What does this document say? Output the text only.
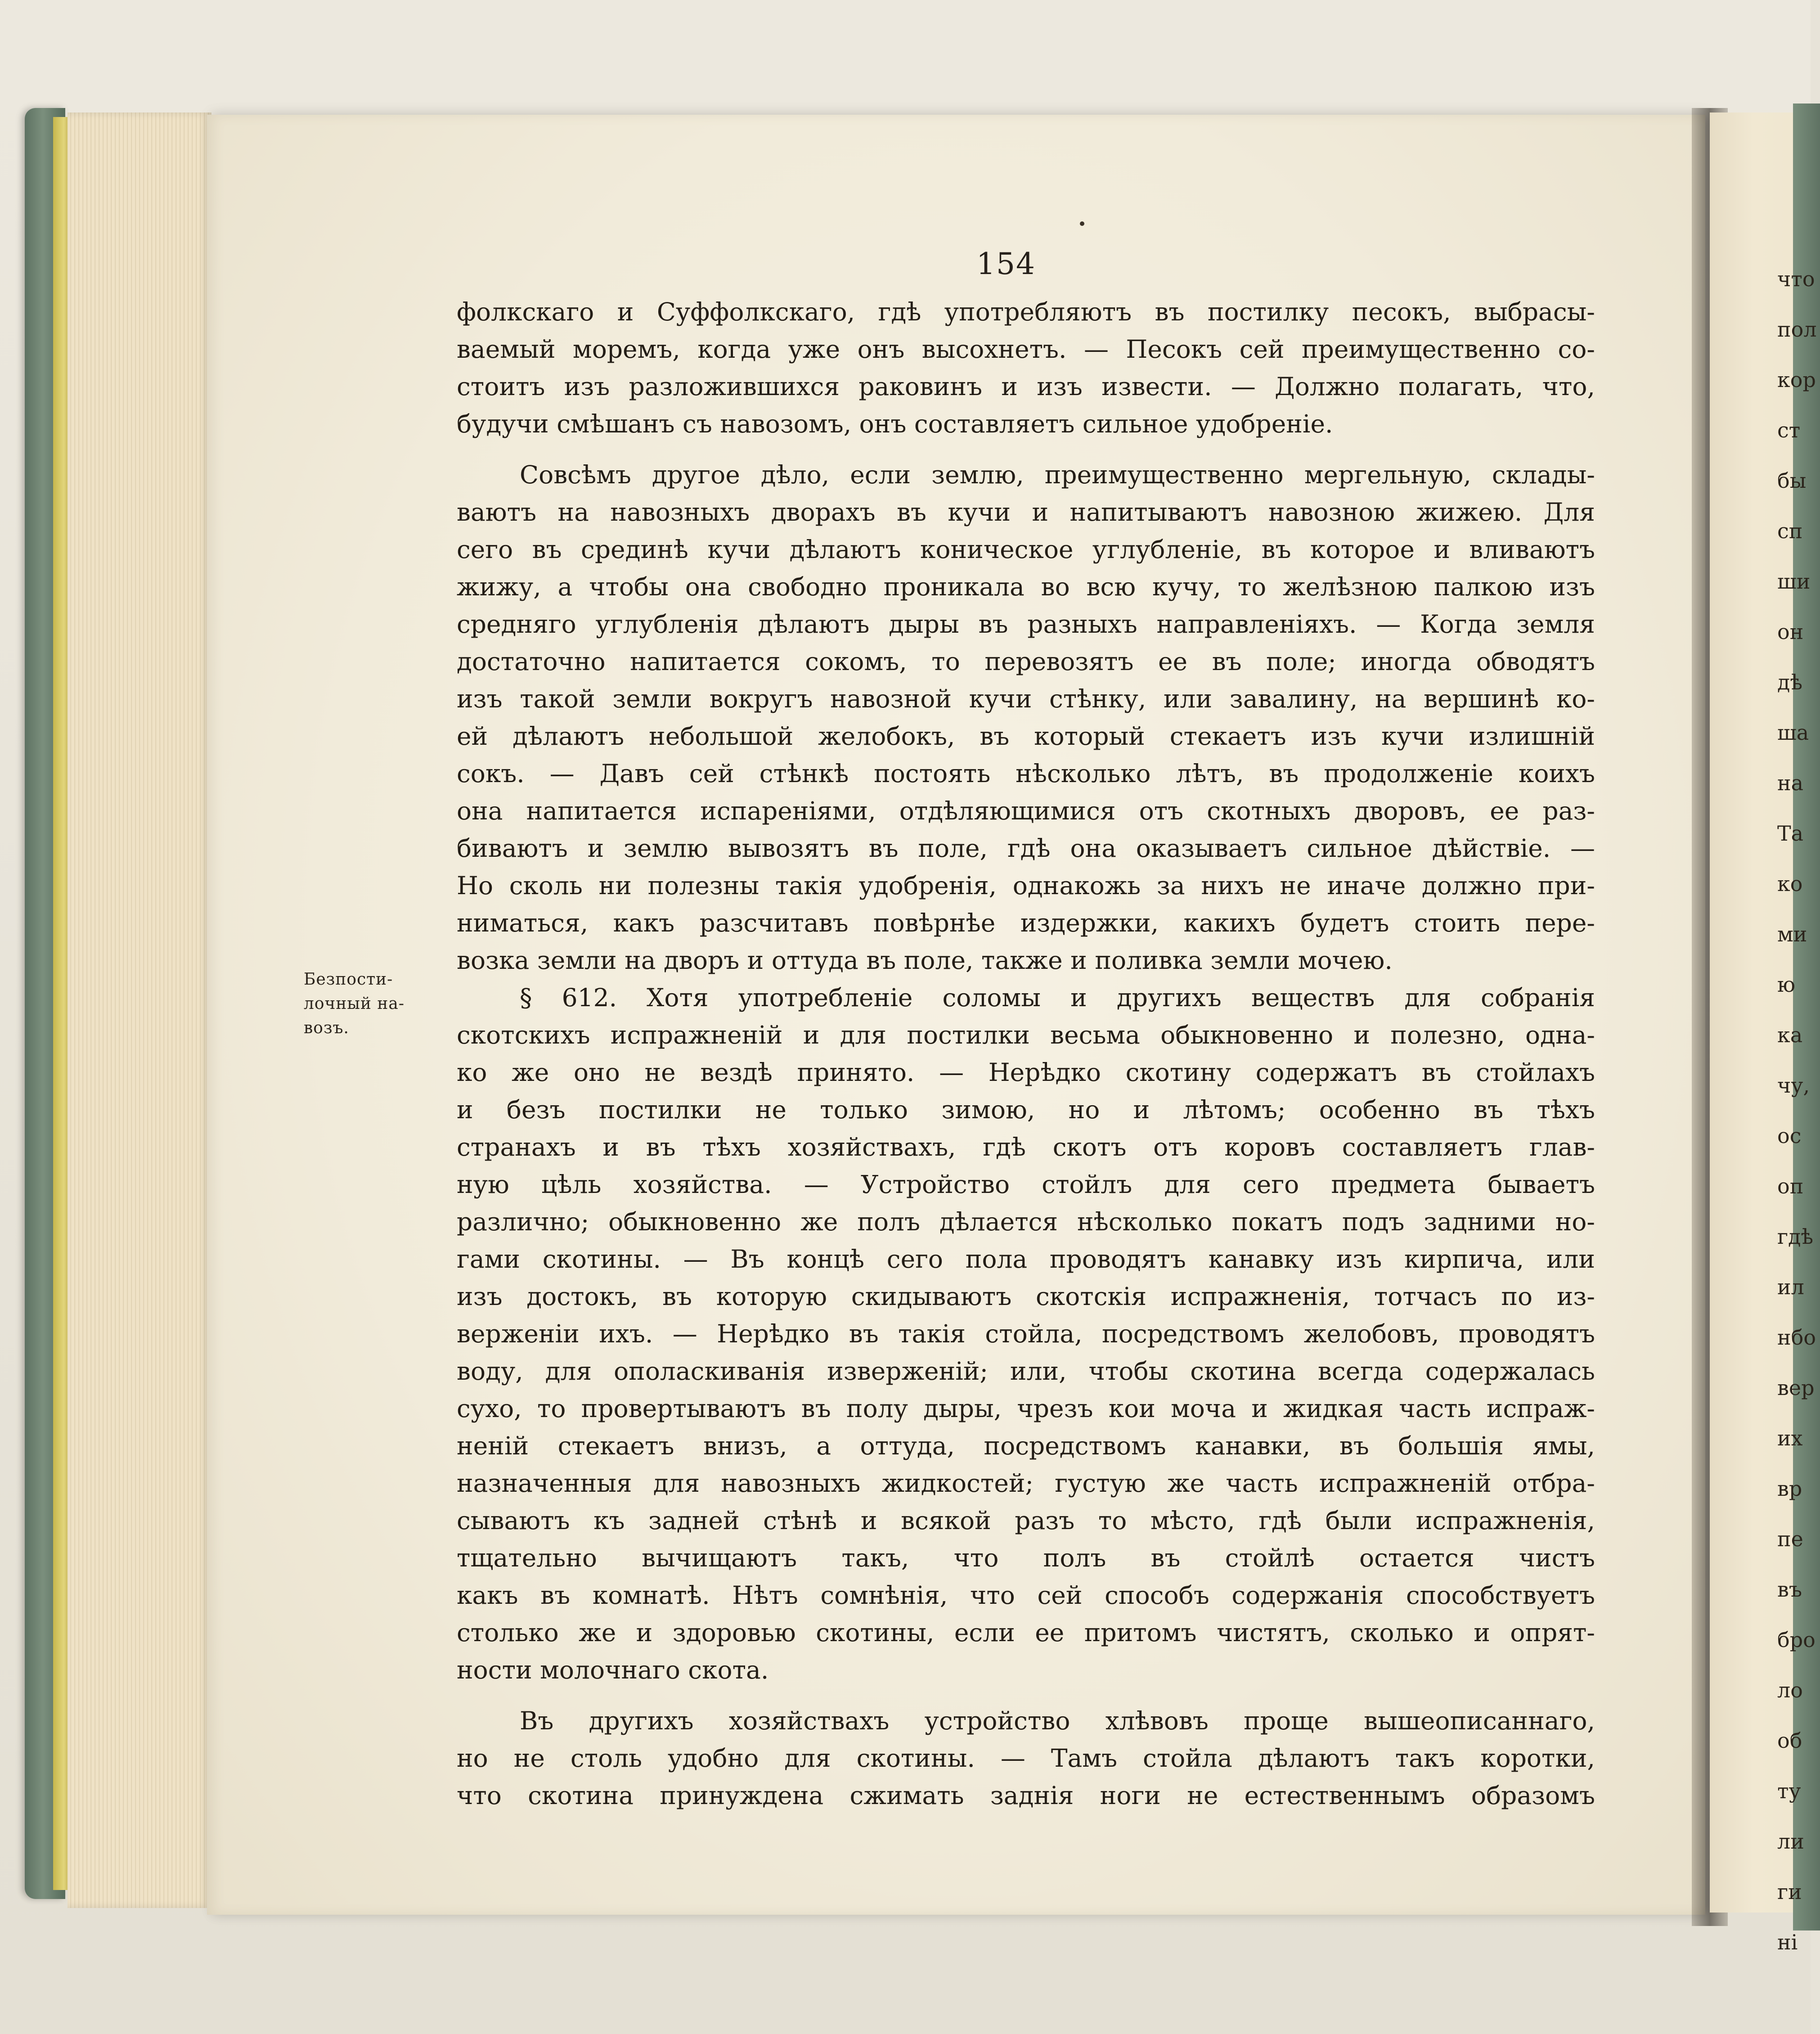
что
пол
кор
ст
бы
сп
ши
он
дѣ
ша
на
Та
ко
ми
ю
ка
чу,
ос
оп
гдѣ
ил
нбо
вер
их
вр
пе
въ
бро
ло
об
ту
ли
ги
ні
154
Безпости-
лочный на-
возъ.
фолкскаго и Суффолкскаго, гдѣ употребляютъ въ постилку песокъ, выбрасы-
ваемый моремъ, когда уже онъ высохнетъ. — Песокъ сей преимущественно со-
стоитъ изъ разложившихся раковинъ и изъ извести. — Должно полагать, что,
будучи смѣшанъ съ навозомъ, онъ составляетъ сильное удобреніе.
Совсѣмъ другое дѣло, если землю, преимущественно мергельную, склады-
ваютъ на навозныхъ дворахъ въ кучи и напитываютъ навозною жижею. Для
сего въ срединѣ кучи дѣлаютъ коническое углубленіе, въ которое и вливаютъ
жижу, а чтобы она свободно проникала во всю кучу, то желѣзною палкою изъ
средняго углубленія дѣлаютъ дыры въ разныхъ направленіяхъ. — Когда земля
достаточно напитается сокомъ, то перевозятъ ее въ поле; иногда обводятъ
изъ такой земли вокругъ навозной кучи стѣнку, или завалину, на вершинѣ ко-
ей дѣлаютъ небольшой желобокъ, въ который стекаетъ изъ кучи излишній
сокъ. — Давъ сей стѣнкѣ постоять нѣсколько лѣтъ, въ продолженіе коихъ
она напитается испареніями, отдѣляющимися отъ скотныхъ дворовъ, ее раз-
биваютъ и землю вывозятъ въ поле, гдѣ она оказываетъ сильное дѣйствіе. —
Но сколь ни полезны такія удобренія, однакожь за нихъ не иначе должно при-
ниматься, какъ разсчитавъ повѣрнѣе издержки, какихъ будетъ стоить пере-
возка земли на дворъ и оттуда въ поле, также и поливка земли мочею.
§ 612. Хотя употребленіе соломы и другихъ веществъ для собранія
скотскихъ испражненій и для постилки весьма обыкновенно и полезно, одна-
ко же оно не вездѣ принято. — Нерѣдко скотину содержатъ въ стойлахъ
и безъ постилки не только зимою, но и лѣтомъ; особенно въ тѣхъ
странахъ и въ тѣхъ хозяйствахъ, гдѣ скотъ отъ коровъ составляетъ глав-
ную цѣль хозяйства. — Устройство стойлъ для сего предмета бываетъ
различно; обыкновенно же полъ дѣлается нѣсколько покатъ подъ задними но-
гами скотины. — Въ концѣ сего пола проводятъ канавку изъ кирпича, или
изъ достокъ, въ которую скидываютъ скотскія испражненія, тотчасъ по из-
верженіи ихъ. — Нерѣдко въ такія стойла, посредствомъ желобовъ, проводятъ
воду, для ополаскиванія изверженій; или, чтобы скотина всегда содержалась
сухо, то провертываютъ въ полу дыры, чрезъ кои моча и жидкая часть испраж-
неній стекаетъ внизъ, а оттуда, посредствомъ канавки, въ большія ямы,
назначенныя для навозныхъ жидкостей; густую же часть испражненій отбра-
сываютъ къ задней стѣнѣ и всякой разъ то мѣсто, гдѣ были испражненія,
тщательно вычищаютъ такъ, что полъ въ стойлѣ остается чистъ
какъ въ комнатѣ. Нѣтъ сомнѣнія, что сей способъ содержанія способствуетъ
столько же и здоровью скотины, если ее притомъ чистятъ, сколько и опрят-
ности молочнаго скота.
Въ другихъ хозяйствахъ устройство хлѣвовъ проще вышеописаннаго,
но не столь удобно для скотины. — Тамъ стойла дѣлаютъ такъ коротки,
что скотина принуждена сжимать заднія ноги не естественнымъ образомъ
